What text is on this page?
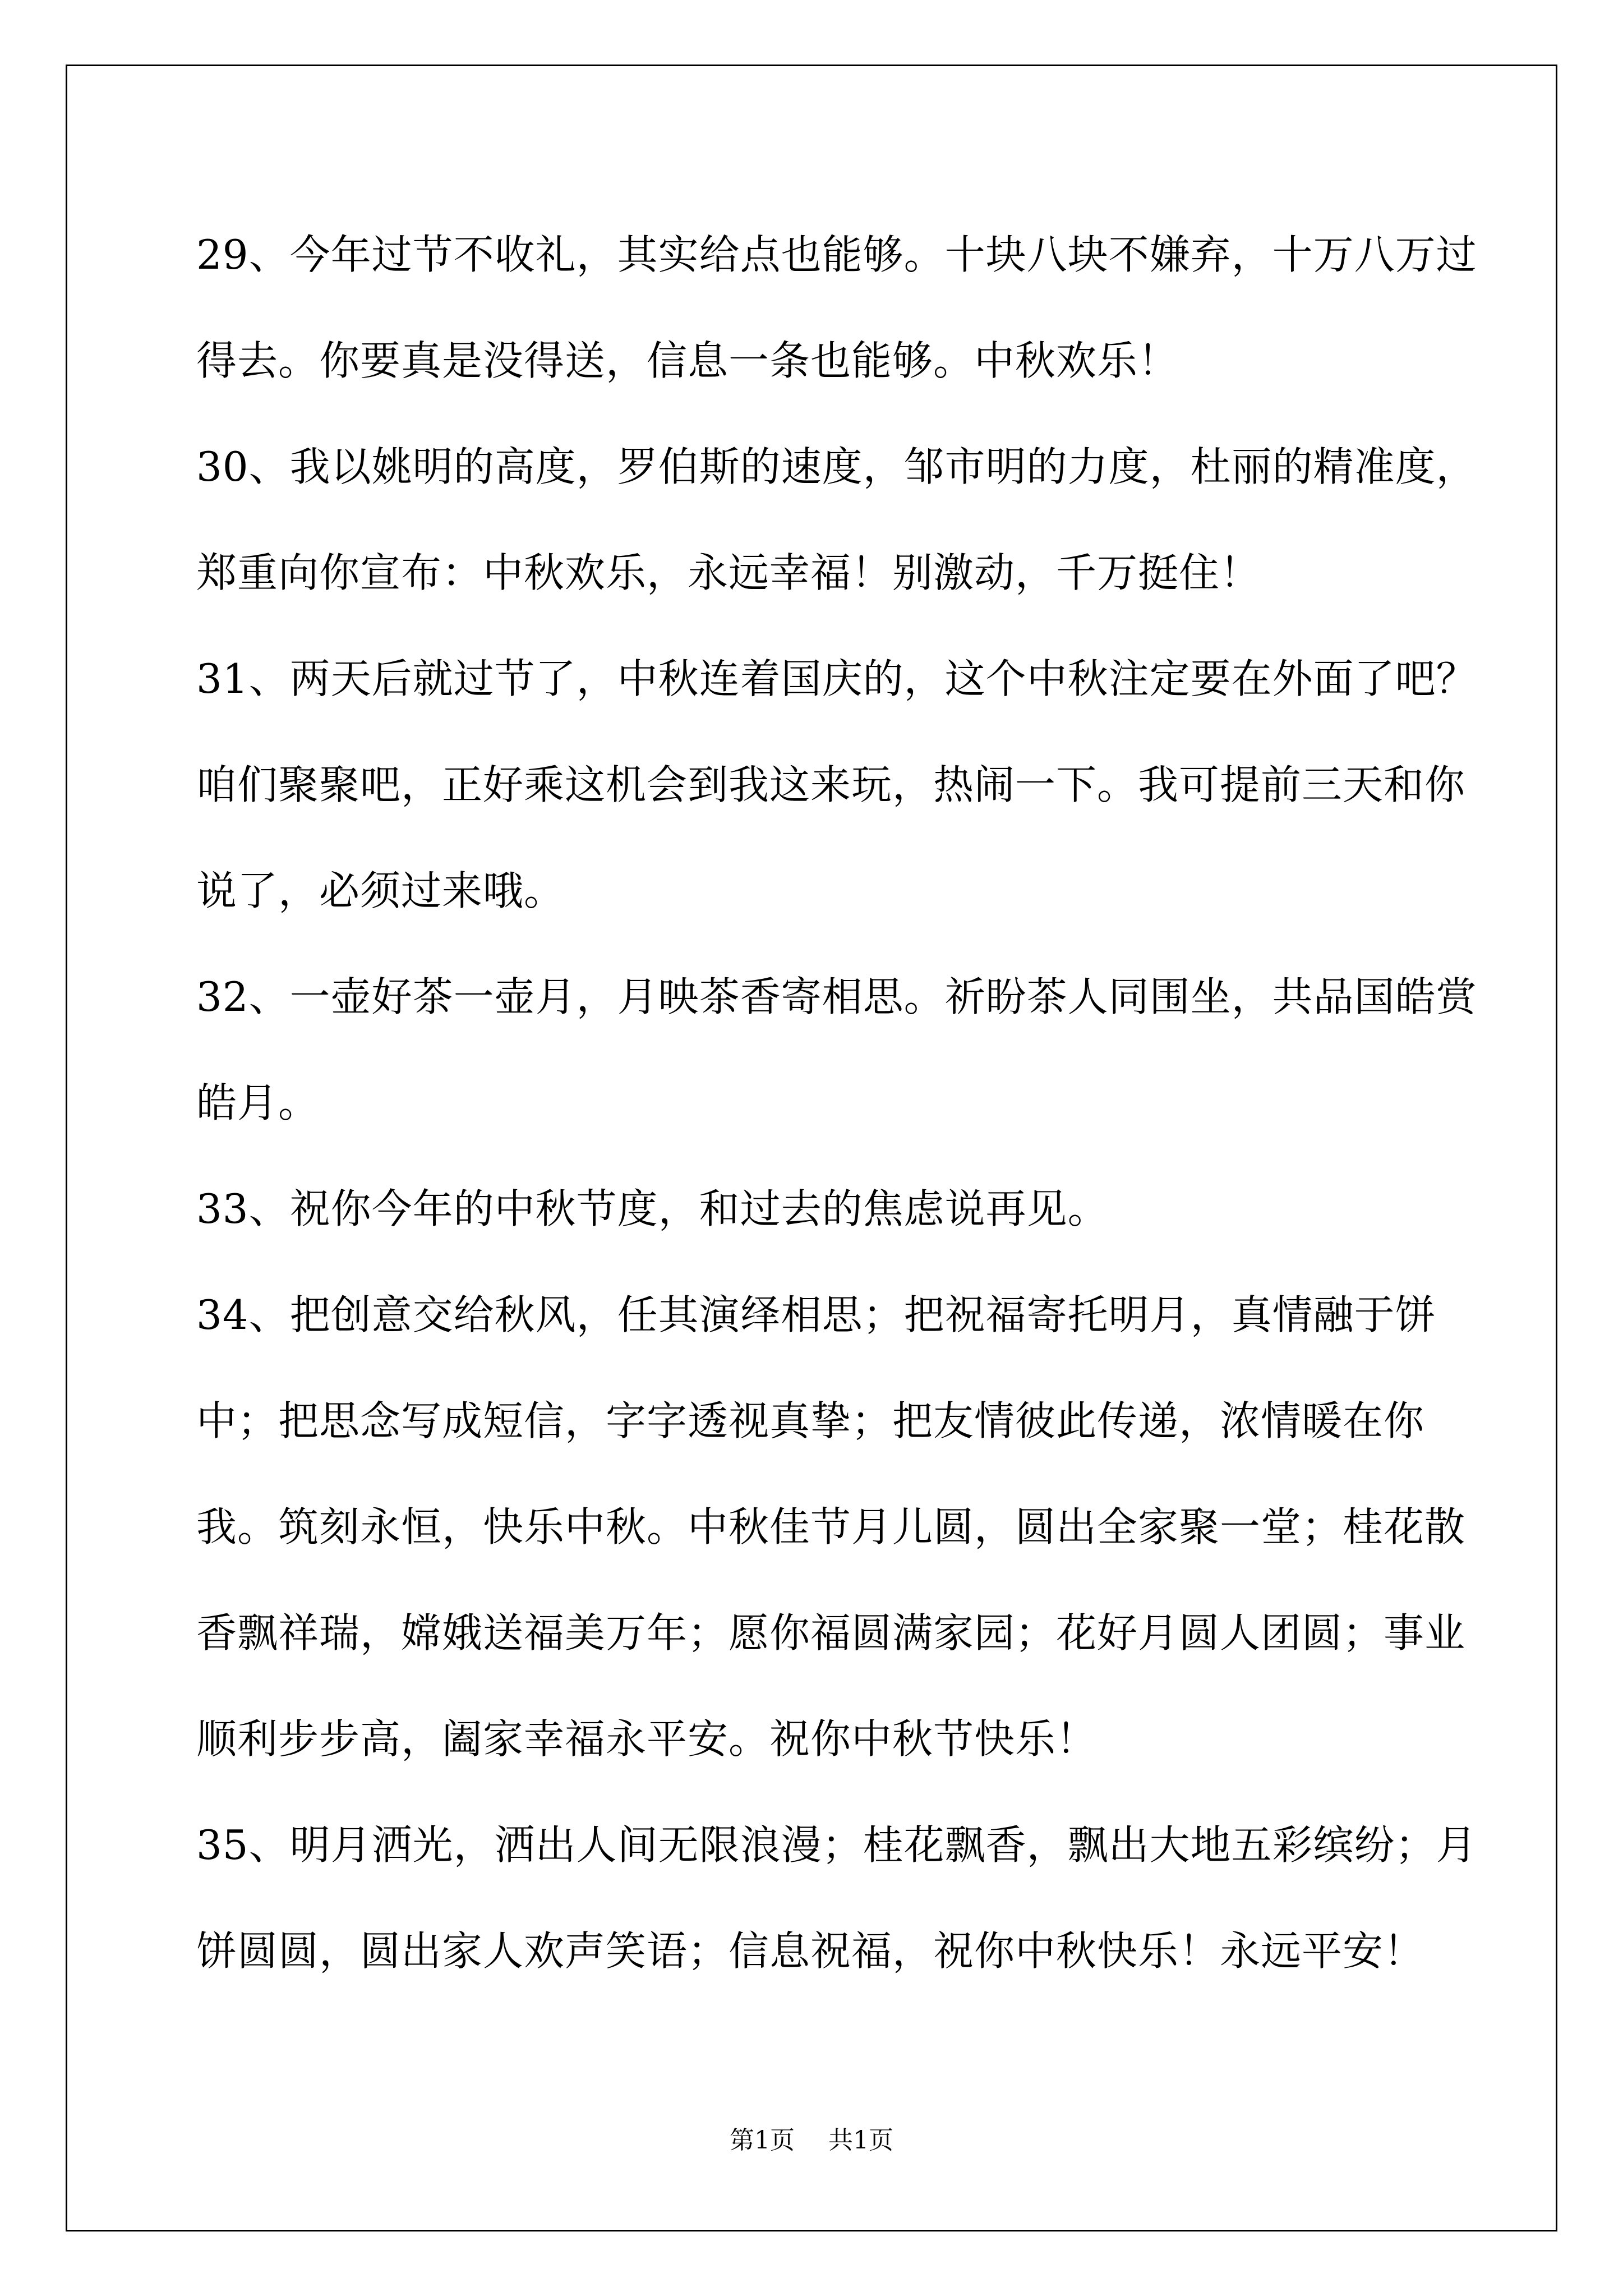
29、今年过节不收礼，其实给点也能够。十块八块不嫌弃，十万八万过得去。你要真是没得送，信息一条也能够。中秋欢乐！

30、我以姚明的高度，罗伯斯的速度，邹市明的力度，杜丽的精准度，郑重向你宣布：中秋欢乐，永远幸福！别激动，千万挺住！

31、两天后就过节了，中秋连着国庆的，这个中秋注定要在外面了吧？咱们聚聚吧，正好乘这机会到我这来玩，热闹一下。我可提前三天和你说了，必须过来哦。

32、一壶好茶一壶月，月映茶香寄相思。祈盼茶人同围坐，共品国皓赏皓月。

33、祝你今年的中秋节度，和过去的焦虑说再见。

34、把创意交给秋风，任其演绎相思；把祝福寄托明月，真情融于饼中；把思念写成短信，字字透视真挚；把友情彼此传递，浓情暖在你我。筑刻永恒，快乐中秋。中秋佳节月儿圆，圆出全家聚一堂；桂花散香飘祥瑞，嫦娥送福美万年；愿你福圆满家园；花好月圆人团圆；事业顺利步步高，阖家幸福永平安。祝你中秋节快乐！

35、明月洒光，洒出人间无限浪漫；桂花飘香，飘出大地五彩缤纷；月饼圆圆，圆出家人欢声笑语；信息祝福，祝你中秋快乐！永远平安！

第1页 共1页
